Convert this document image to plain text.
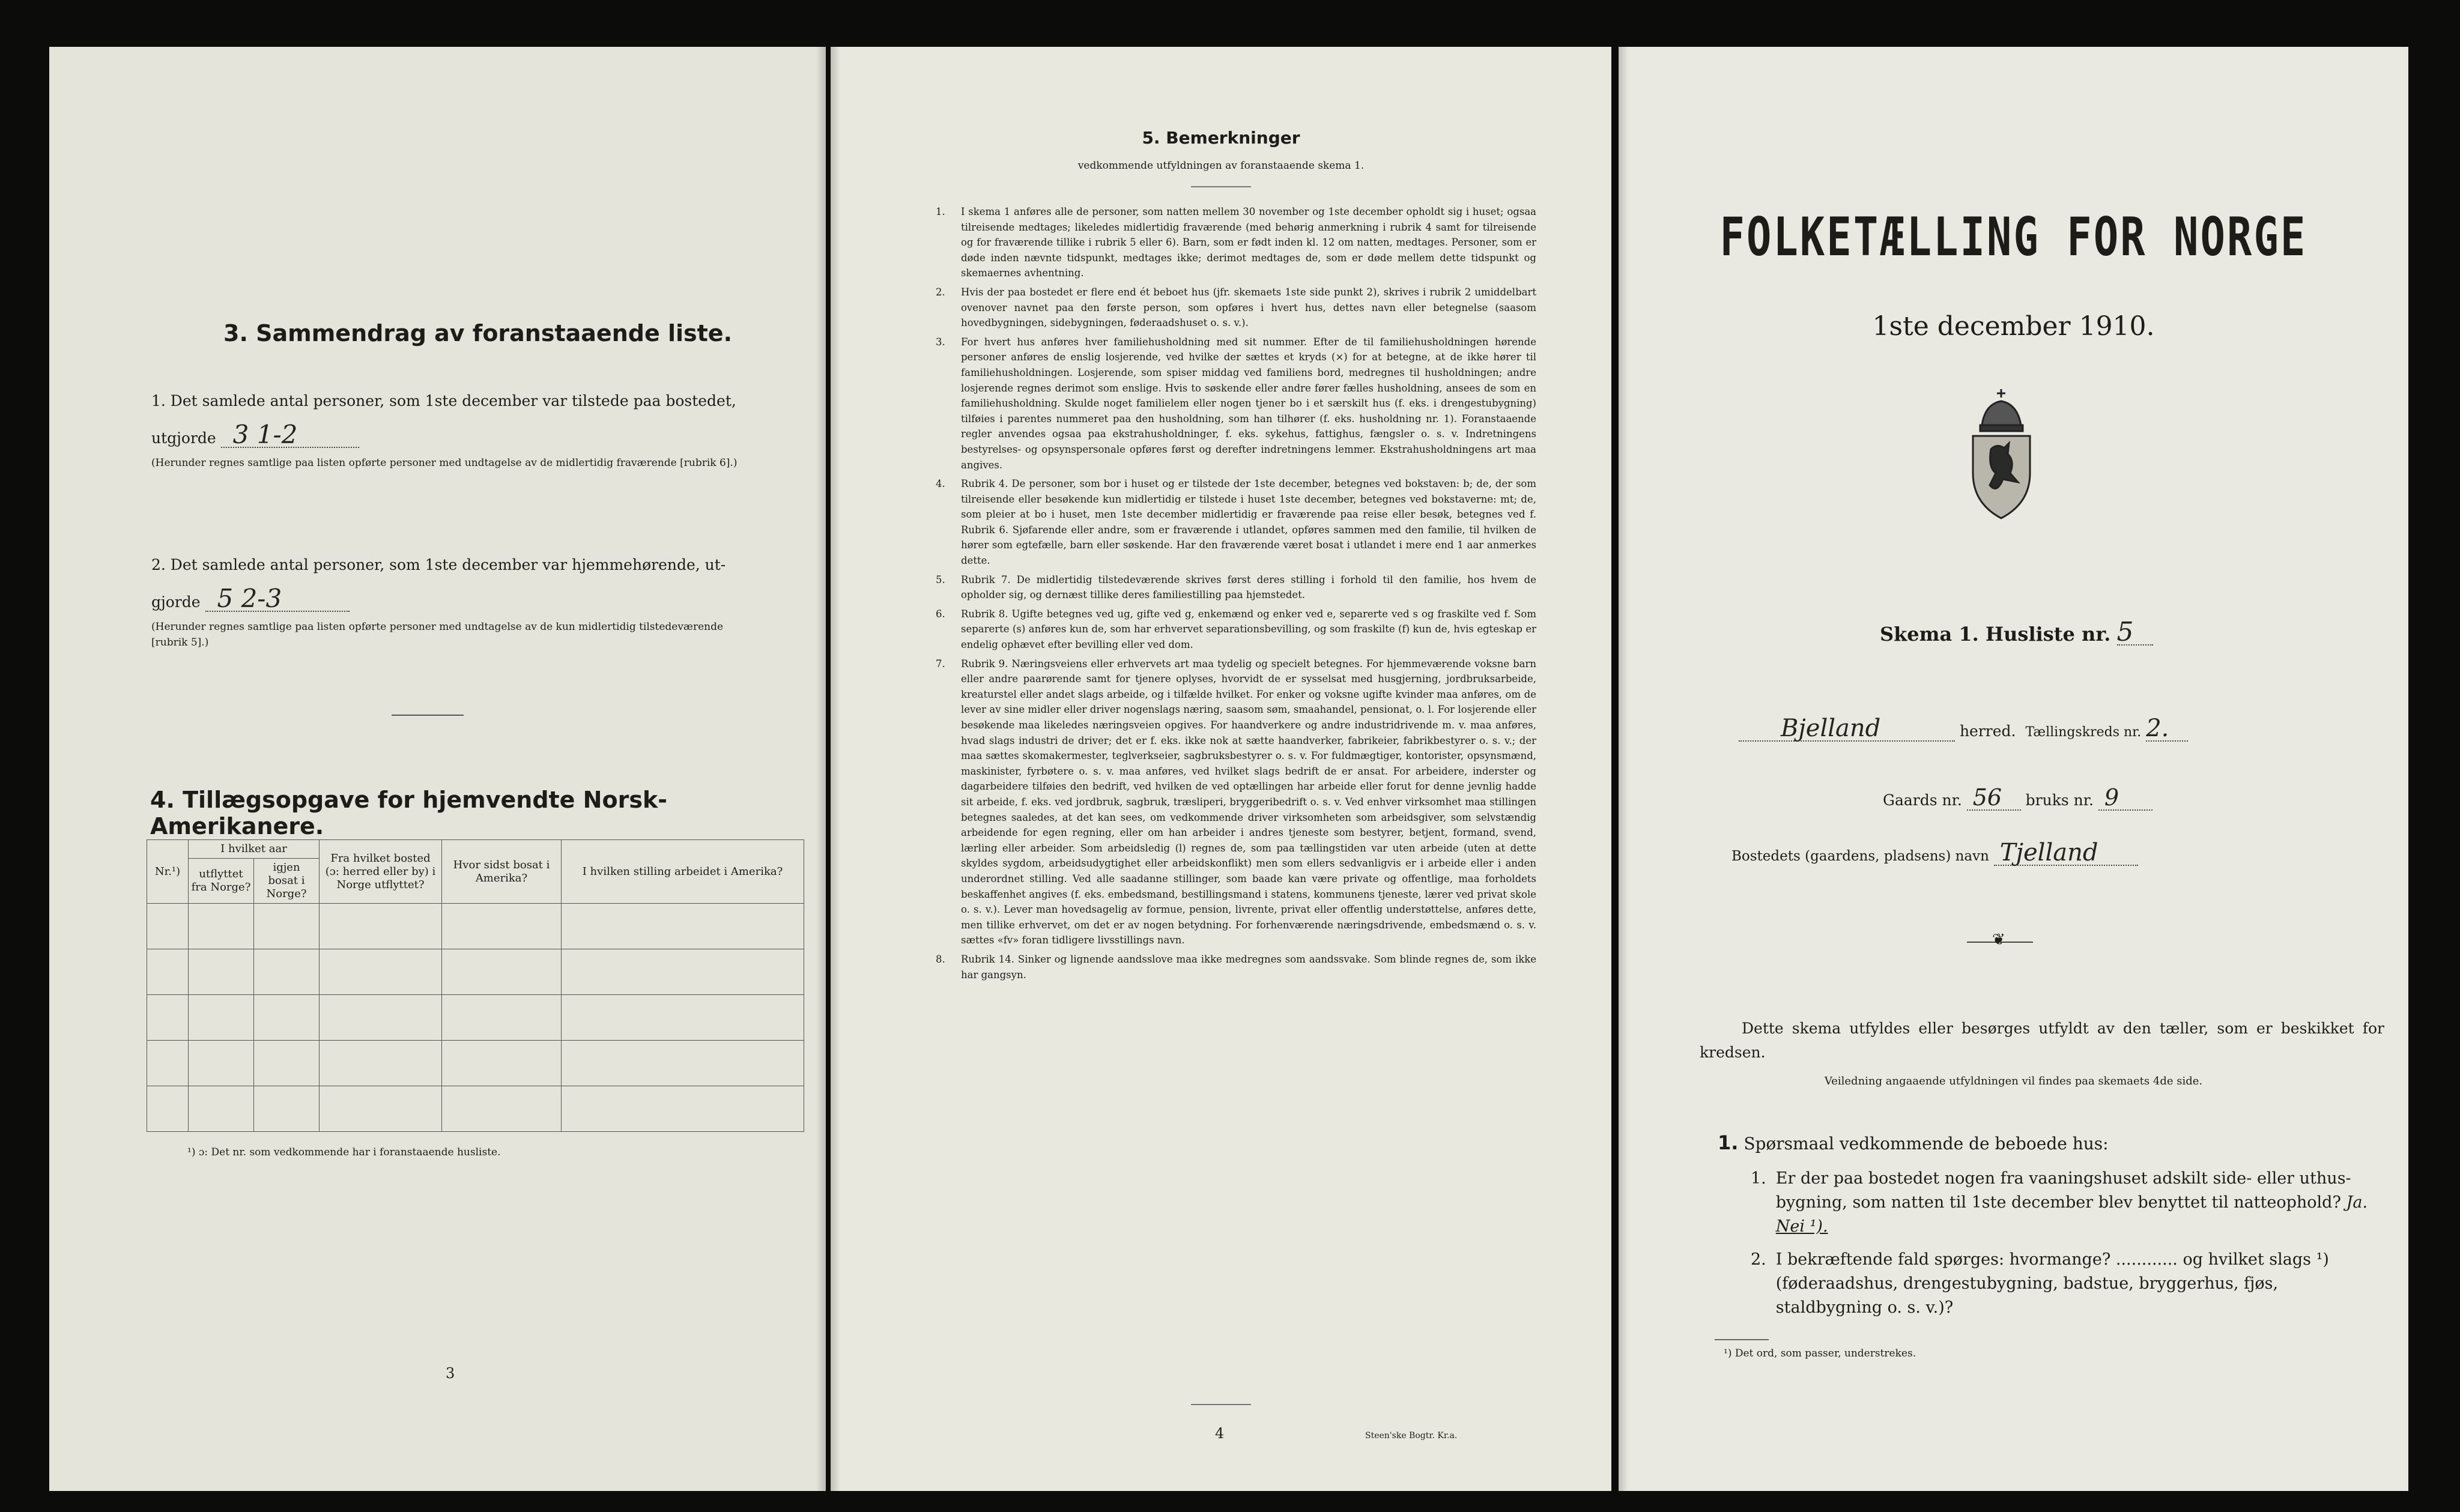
3. Sammendrag av foranstaaende liste.
1. Det samlede antal personer, som 1ste december var tilstede paa bostedet,
utgjorde 3 1-2
(Herunder regnes samtlige paa listen opførte personer med undtagelse av de midlertidig fraværende [rubrik 6].)
2. Det samlede antal personer, som 1ste december var hjemmehørende, ut-
gjorde 5 2-3
(Herunder regnes samtlige paa listen opførte personer med undtagelse av de kun midlertidig tilstedeværende [rubrik 5].)
4. Tillægsopgave for hjemvendte Norsk-Amerikanere.
Nr.¹)	I hvilket aar		Fra hvilket bosted (ɔ: herred eller by) i Norge utflyttet?	Hvor sidst bosat i Amerika?	I hvilken stilling arbeidet i Amerika?
	utflyttet fra Norge?	igjen bosat i Norge?			

¹) ɔ: Det nr. som vedkommende har i foranstaaende husliste.
3
5. Bemerkninger
vedkommende utfyldningen av foranstaaende skema 1.
1.	I skema 1 anføres alle de personer, som natten mellem 30 november og 1ste december opholdt sig i huset; ogsaa tilreisende medtages; likeledes midlertidig fraværende (med behørig anmerkning i rubrik 4 samt for tilreisende og for fraværende tillike i rubrik 5 eller 6). Barn, som er født inden kl. 12 om natten, medtages. Personer, som er døde inden nævnte tidspunkt, medtages ikke; derimot medtages de, som er døde mellem dette tidspunkt og skemaernes avhentning.
2.	Hvis der paa bostedet er flere end ét beboet hus (jfr. skemaets 1ste side punkt 2), skrives i rubrik 2 umiddelbart ovenover navnet paa den første person, som opføres i hvert hus, dettes navn eller betegnelse (saasom hovedbygningen, sidebygningen, føderaadshuset o. s. v.).
3.	For hvert hus anføres hver familiehusholdning med sit nummer. Efter de til familiehusholdningen hørende personer anføres de enslig losjerende, ved hvilke der sættes et kryds (×) for at betegne, at de ikke hører til familiehusholdningen. Losjerende, som spiser middag ved familiens bord, medregnes til husholdningen; andre losjerende regnes derimot som enslige. Hvis to søskende eller andre fører fælles husholdning, ansees de som en familiehusholdning. Skulde noget familielem eller nogen tjener bo i et særskilt hus (f. eks. i drengestubygning) tilføies i parentes nummeret paa den husholdning, som han tilhører (f. eks. husholdning nr. 1). Foranstaaende regler anvendes ogsaa paa ekstrahusholdninger, f. eks. sykehus, fattighus, fængsler o. s. v. Indretningens bestyrelses- og opsynspersonale opføres først og derefter indretningens lemmer. Ekstrahusholdningens art maa angives.
4.	Rubrik 4. De personer, som bor i huset og er tilstede der 1ste december, betegnes ved bokstaven: b; de, der som tilreisende eller besøkende kun midlertidig er tilstede i huset 1ste december, betegnes ved bokstaverne: mt; de, som pleier at bo i huset, men 1ste december midlertidig er fraværende paa reise eller besøk, betegnes ved f. Rubrik 6. Sjøfarende eller andre, som er fraværende i utlandet, opføres sammen med den familie, til hvilken de hører som egtefælle, barn eller søskende. Har den fraværende været bosat i utlandet i mere end 1 aar anmerkes dette.
5.	Rubrik 7. De midlertidig tilstedeværende skrives først deres stilling i forhold til den familie, hos hvem de opholder sig, og dernæst tillike deres familiestilling paa hjemstedet.
6.	Rubrik 8. Ugifte betegnes ved ug, gifte ved g, enkemænd og enker ved e, separerte ved s og fraskilte ved f. Som separerte (s) anføres kun de, som har erhvervet separationsbevilling, og som fraskilte (f) kun de, hvis egteskap er endelig ophævet efter bevilling eller ved dom.
7.	Rubrik 9. Næringsveiens eller erhvervets art maa tydelig og specielt betegnes. For hjemmeværende voksne barn eller andre paarørende samt for tjenere oplyses, hvorvidt de er sysselsat med husgjerning, jordbruksarbeide, kreaturstel eller andet slags arbeide, og i tilfælde hvilket. For enker og voksne ugifte kvinder maa anføres, om de lever av sine midler eller driver nogenslags næring, saasom søm, smaahandel, pensionat, o. l. For losjerende eller besøkende maa likeledes næringsveien opgives. For haandverkere og andre industridrivende m. v. maa anføres, hvad slags industri de driver; det er f. eks. ikke nok at sætte haandverker, fabrikeier, fabrikbestyrer o. s. v.; der maa sættes skomakermester, teglverkseier, sagbruksbestyrer o. s. v. For fuldmægtiger, kontorister, opsynsmænd, maskinister, fyrbøtere o. s. v. maa anføres, ved hvilket slags bedrift de er ansat. For arbeidere, inderster og dagarbeidere tilføies den bedrift, ved hvilken de ved optællingen har arbeide eller forut for denne jevnlig hadde sit arbeide, f. eks. ved jordbruk, sagbruk, træsliperi, bryggeribedrift o. s. v. Ved enhver virksomhet maa stillingen betegnes saaledes, at det kan sees, om vedkommende driver virksomheten som arbeidsgiver, som selvstændig arbeidende for egen regning, eller om han arbeider i andres tjeneste som bestyrer, betjent, formand, svend, lærling eller arbeider. Som arbeidsledig (l) regnes de, som paa tællingstiden var uten arbeide (uten at dette skyldes sygdom, arbeidsudygtighet eller arbeidskonflikt) men som ellers sedvanligvis er i arbeide eller i anden underordnet stilling. Ved alle saadanne stillinger, som baade kan være private og offentlige, maa forholdets beskaffenhet angives (f. eks. embedsmand, bestillingsmand i statens, kommunens tjeneste, lærer ved privat skole o. s. v.). Lever man hovedsagelig av formue, pension, livrente, privat eller offentlig understøttelse, anføres dette, men tillike erhvervet, om det er av nogen betydning. For forhenværende næringsdrivende, embedsmænd o. s. v. sættes «fv» foran tidligere livsstillings navn.
8.	Rubrik 14. Sinker og lignende aandsslove maa ikke medregnes som aandssvake. Som blinde regnes de, som ikke har gangsyn.
4	Steen'ske Bogtr. Kr.a.
FOLKETÆLLING FOR NORGE
1ste december 1910.
Skema 1. Husliste nr. 5
Bjelland	herred. Tællingskreds nr. 2.
Gaards nr. 56 bruks nr. 9
Bostedets (gaardens, pladsens) navn Tjelland
❦
Dette skema utfyldes eller besørges utfyldt av den tæller, som er beskikket for kredsen.
Veiledning angaaende utfyldningen vil findes paa skemaets 4de side.
1. Spørsmaal vedkommende de beboede hus:
1. Er der paa bostedet nogen fra vaaningshuset adskilt side- eller uthus-bygning, som natten til 1ste december blev benyttet til natteophold? Ja. Nei ¹).
2. I bekræftende fald spørges: hvormange? ............ og hvilket slags ¹) (føderaadshus, drengestubygning, badstue, bryggerhus, fjøs, staldbygning o. s. v.)?
¹) Det ord, som passer, understrekes.
